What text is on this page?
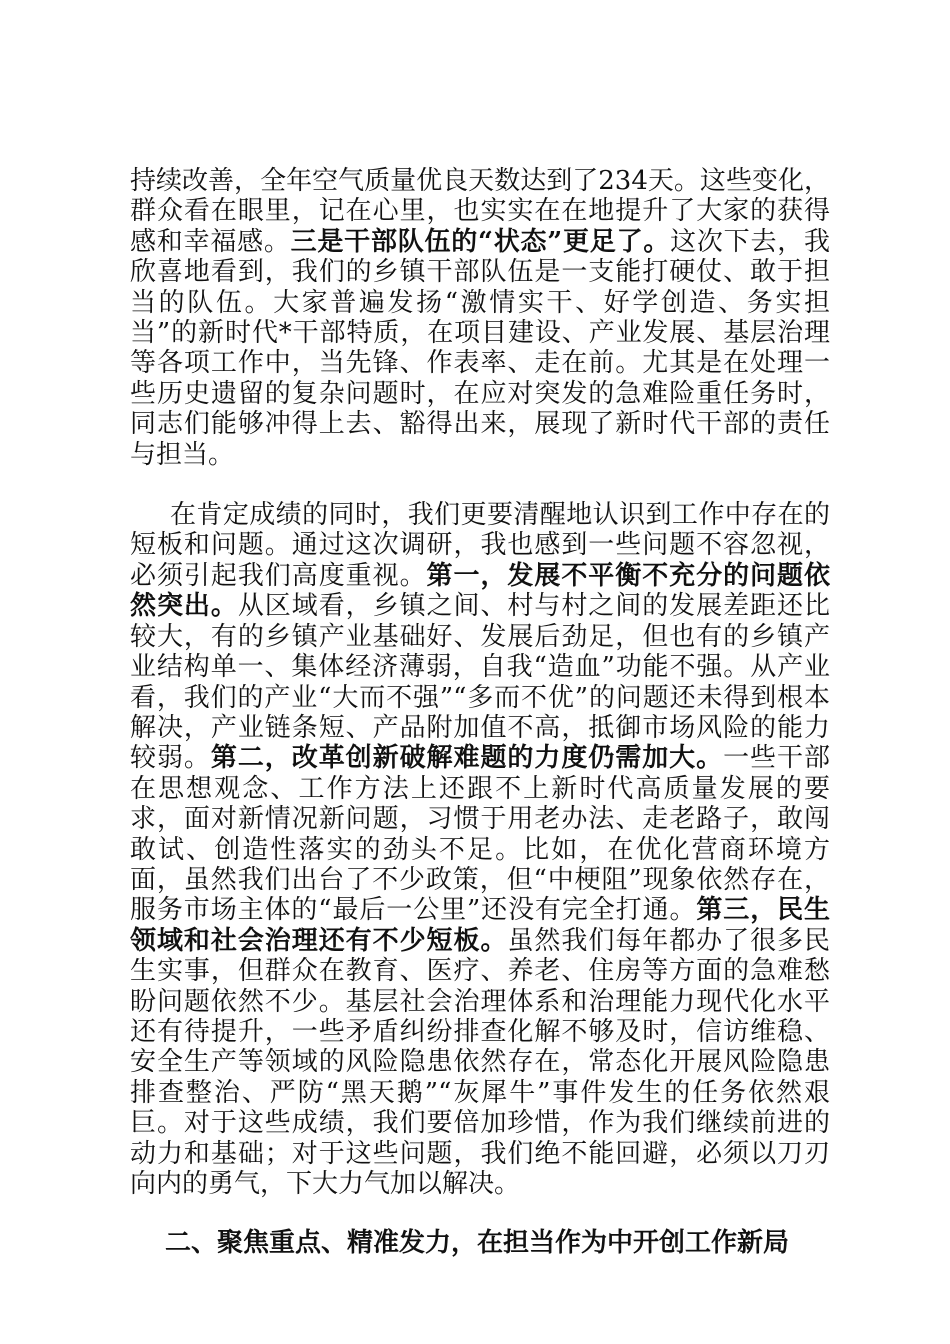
持续改善，全年空气质量优良天数达到了234天。这些变化，群众看在眼里，记在心里，也实实在在地提升了大家的获得感和幸福感。三是干部队伍的“状态”更足了。这次下去，我欣喜地看到，我们的乡镇干部队伍是一支能打硬仗、敢于担当的队伍。大家普遍发扬“激情实干、好学创造、务实担当”的新时代*干部特质，在项目建设、产业发展、基层治理等各项工作中，当先锋、作表率、走在前。尤其是在处理一些历史遗留的复杂问题时，在应对突发的急难险重任务时，同志们能够冲得上去、豁得出来，展现了新时代干部的责任与担当。

在肯定成绩的同时，我们更要清醒地认识到工作中存在的短板和问题。通过这次调研，我也感到一些问题不容忽视，必须引起我们高度重视。第一，发展不平衡不充分的问题依然突出。从区域看，乡镇之间、村与村之间的发展差距还比较大，有的乡镇产业基础好、发展后劲足，但也有的乡镇产业结构单一、集体经济薄弱，自我“造血”功能不强。从产业看，我们的产业“大而不强”“多而不优”的问题还未得到根本解决，产业链条短、产品附加值不高，抵御市场风险的能力较弱。第二，改革创新破解难题的力度仍需加大。一些干部在思想观念、工作方法上还跟不上新时代高质量发展的要求，面对新情况新问题，习惯于用老办法、走老路子，敢闯敢试、创造性落实的劲头不足。比如，在优化营商环境方面，虽然我们出台了不少政策，但“中梗阻”现象依然存在，服务市场主体的“最后一公里”还没有完全打通。第三，民生领域和社会治理还有不少短板。虽然我们每年都办了很多民生实事，但群众在教育、医疗、养老、住房等方面的急难愁盼问题依然不少。基层社会治理体系和治理能力现代化水平还有待提升，一些矛盾纠纷排查化解不够及时，信访维稳、安全生产等领域的风险隐患依然存在，常态化开展风险隐患排查整治、严防“黑天鹅”“灰犀牛”事件发生的任务依然艰巨。对于这些成绩，我们要倍加珍惜，作为我们继续前进的动力和基础；对于这些问题，我们绝不能回避，必须以刀刃向内的勇气，下大力气加以解决。

二、聚焦重点、精准发力，在担当作为中开创工作新局
